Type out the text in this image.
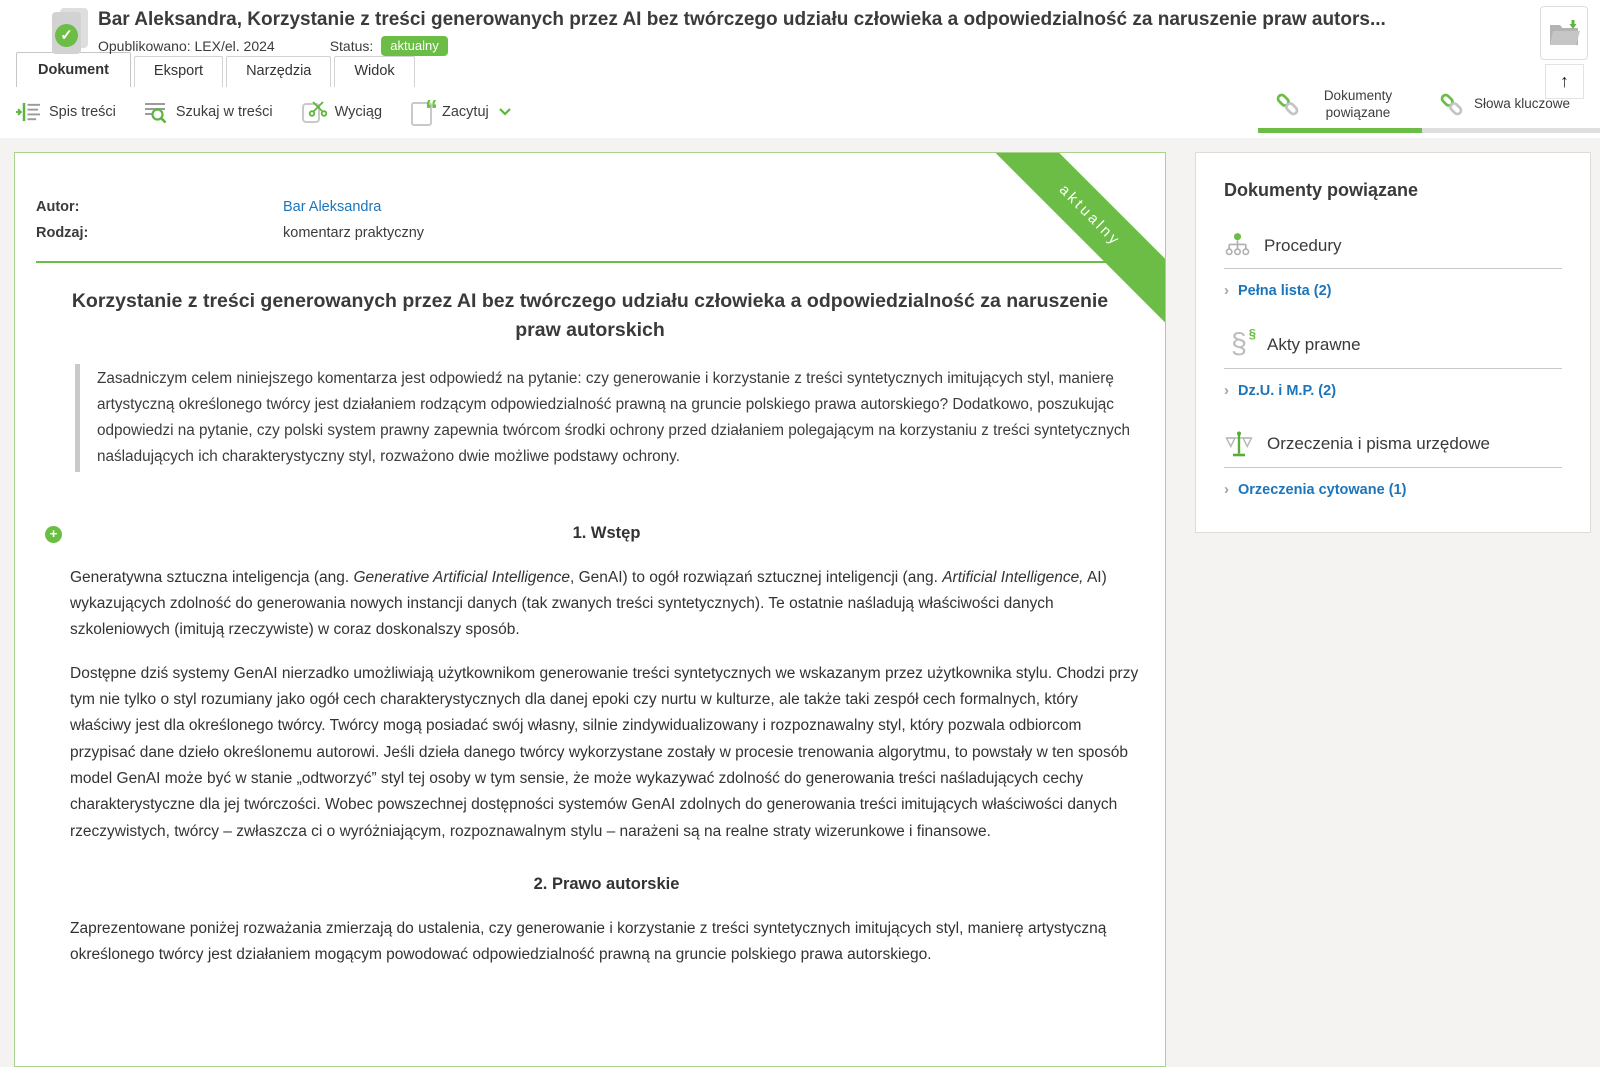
✓
Bar Aleksandra, Korzystanie z treści generowanych przez AI bez twórczego udziału człowieka a odpowiedzialność za naruszenie praw autors...
Opublikowano: LEX/el. 2024	Status:	aktualny
↑
Dokument	Eksport	Narzędzia	Widok
Spis treści	Szukaj w treści	Wyciąg “ Zacytuj
Dokumenty powiązane
Słowa kluczowe
aktualny
Autor:	Bar Aleksandra
Rodzaj:	komentarz praktyczny
Korzystanie z treści generowanych przez AI bez twórczego udziału człowieka a odpowiedzialność za naruszenie praw autorskich
Zasadniczym celem niniejszego komentarza jest odpowiedź na pytanie: czy generowanie i korzystanie z treści syntetycznych imitujących styl, manierę artystyczną określonego twórcy jest działaniem rodzącym odpowiedzialność prawną na gruncie polskiego prawa autorskiego? Dodatkowo, poszukując odpowiedzi na pytanie, czy polski system prawny zapewnia twórcom środki ochrony przed działaniem polegającym na korzystaniu z treści syntetycznych naśladujących ich charakterystyczny styl, rozważono dwie możliwe podstawy ochrony.
+	1. Wstęp

Generatywna sztuczna inteligencja (ang. Generative Artificial Intelligence, GenAI) to ogół rozwiązań sztucznej inteligencji (ang. Artificial Intelligence, AI) wykazujących zdolność do generowania nowych instancji danych (tak zwanych treści syntetycznych). Te ostatnie naśladują właściwości danych szkoleniowych (imitują rzeczywiste) w coraz doskonalszy sposób.

Dostępne dziś systemy GenAI nierzadko umożliwiają użytkownikom generowanie treści syntetycznych we wskazanym przez użytkownika stylu. Chodzi przy tym nie tylko o styl rozumiany jako ogół cech charakterystycznych dla danej epoki czy nurtu w kulturze, ale także taki zespół cech formalnych, który właściwy jest dla określonego twórcy. Twórcy mogą posiadać swój własny, silnie zindywidualizowany i rozpoznawalny styl, który pozwala odbiorcom przypisać dane dzieło określonemu autorowi. Jeśli dzieła danego twórcy wykorzystane zostały w procesie trenowania algorytmu, to powstały w ten sposób model GenAI może być w stanie „odtworzyć” styl tej osoby w tym sensie, że może wykazywać zdolność do generowania treści naśladujących cechy charakterystyczne dla jej twórczości. Wobec powszechnej dostępności systemów GenAI zdolnych do generowania treści imitujących właściwości danych rzeczywistych, twórcy – zwłaszcza ci o wyróżniającym, rozpoznawalnym stylu – narażeni są na realne straty wizerunkowe i finansowe.

2. Prawo autorskie

Zaprezentowane poniżej rozważania zmierzają do ustalenia, czy generowanie i korzystanie z treści syntetycznych imitujących styl, manierę artystyczną określonego twórcy jest działaniem mogącym powodować odpowiedzialność prawną na gruncie polskiego prawa autorskiego.

Dokumenty powiązane
Procedury
› Pełna lista (2)
§ §
Akty prawne
› Dz.U. i M.P. (2)
Orzeczenia i pisma urzędowe
› Orzeczenia cytowane (1)
